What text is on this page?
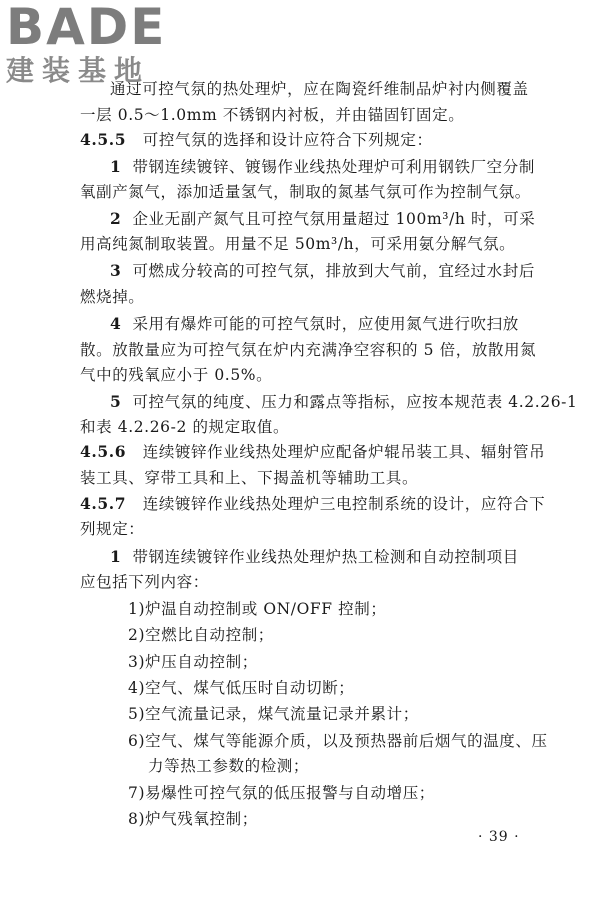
BADE
建装基地
通过可控气氛的热处理炉，应在陶瓷纤维制品炉衬内侧覆盖
一层 0.5～1.0mm 不锈钢内衬板，并由锚固钉固定。
4.5.5 可控气氛的选择和设计应符合下列规定：
1 带钢连续镀锌、镀锡作业线热处理炉可利用钢铁厂空分制
氧副产氮气，添加适量氢气，制取的氮基气氛可作为控制气氛。
2 企业无副产氮气且可控气氛用量超过 100m³/h 时，可采
用高纯氮制取装置。用量不足 50m³/h，可采用氨分解气氛。
3 可燃成分较高的可控气氛，排放到大气前，宜经过水封后
燃烧掉。
4 采用有爆炸可能的可控气氛时，应使用氮气进行吹扫放
散。放散量应为可控气氛在炉内充满净空容积的 5 倍，放散用氮
气中的残氧应小于 0.5%。
5 可控气氛的纯度、压力和露点等指标，应按本规范表 4.2.26-1
和表 4.2.26-2 的规定取值。
4.5.6 连续镀锌作业线热处理炉应配备炉辊吊装工具、辐射管吊
装工具、穿带工具和上、下揭盖机等辅助工具。
4.5.7 连续镀锌作业线热处理炉三电控制系统的设计，应符合下
列规定：
1 带钢连续镀锌作业线热处理炉热工检测和自动控制项目
应包括下列内容：
1)炉温自动控制或 ON/OFF 控制；
2)空燃比自动控制；
3)炉压自动控制；
4)空气、煤气低压时自动切断；
5)空气流量记录，煤气流量记录并累计；
6)空气、煤气等能源介质，以及预热器前后烟气的温度、压
力等热工参数的检测；
7)易爆性可控气氛的低压报警与自动增压；
8)炉气残氧控制；
· 39 ·
